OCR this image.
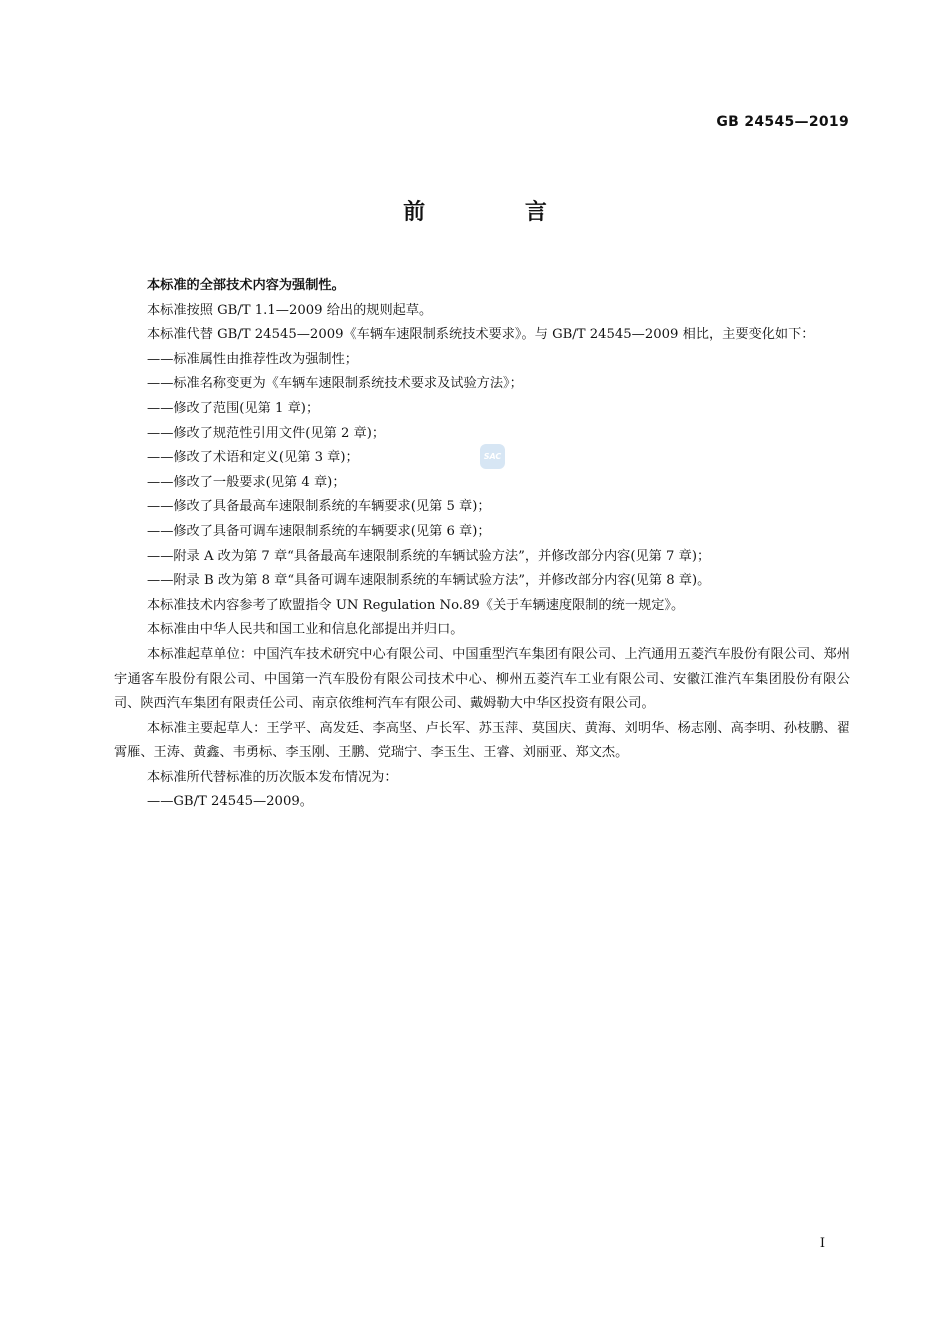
GB 24545—2019
前 言
SAC

本标准的全部技术内容为强制性。

本标准按照 GB/T 1.1—2009 给出的规则起草。

本标准代替 GB/T 24545—2009《车辆车速限制系统技术要求》。与 GB/T 24545—2009 相比，主要变化如下：

——标准属性由推荐性改为强制性；

——标准名称变更为《车辆车速限制系统技术要求及试验方法》；

——修改了范围(见第 1 章)；

——修改了规范性引用文件(见第 2 章)；

——修改了术语和定义(见第 3 章)；

——修改了一般要求(见第 4 章)；

——修改了具备最高车速限制系统的车辆要求(见第 5 章)；

——修改了具备可调车速限制系统的车辆要求(见第 6 章)；

——附录 A 改为第 7 章“具备最高车速限制系统的车辆试验方法”，并修改部分内容(见第 7 章)；

——附录 B 改为第 8 章“具备可调车速限制系统的车辆试验方法”，并修改部分内容(见第 8 章)。

本标准技术内容参考了欧盟指令 UN Regulation No.89《关于车辆速度限制的统一规定》。

本标准由中华人民共和国工业和信息化部提出并归口。

本标准起草单位：中国汽车技术研究中心有限公司、中国重型汽车集团有限公司、上汽通用五菱汽车股份有限公司、郑州宇通客车股份有限公司、中国第一汽车股份有限公司技术中心、柳州五菱汽车工业有限公司、安徽江淮汽车集团股份有限公司、陕西汽车集团有限责任公司、南京依维柯汽车有限公司、戴姆勒大中华区投资有限公司。

本标准主要起草人：王学平、高发廷、李高坚、卢长军、苏玉萍、莫国庆、黄海、刘明华、杨志刚、高李明、孙枝鹏、翟霄雁、王涛、黄鑫、韦勇标、李玉刚、王鹏、党瑞宁、李玉生、王睿、刘丽亚、郑文杰。

本标准所代替标准的历次版本发布情况为：

——GB/T 24545—2009。

I
